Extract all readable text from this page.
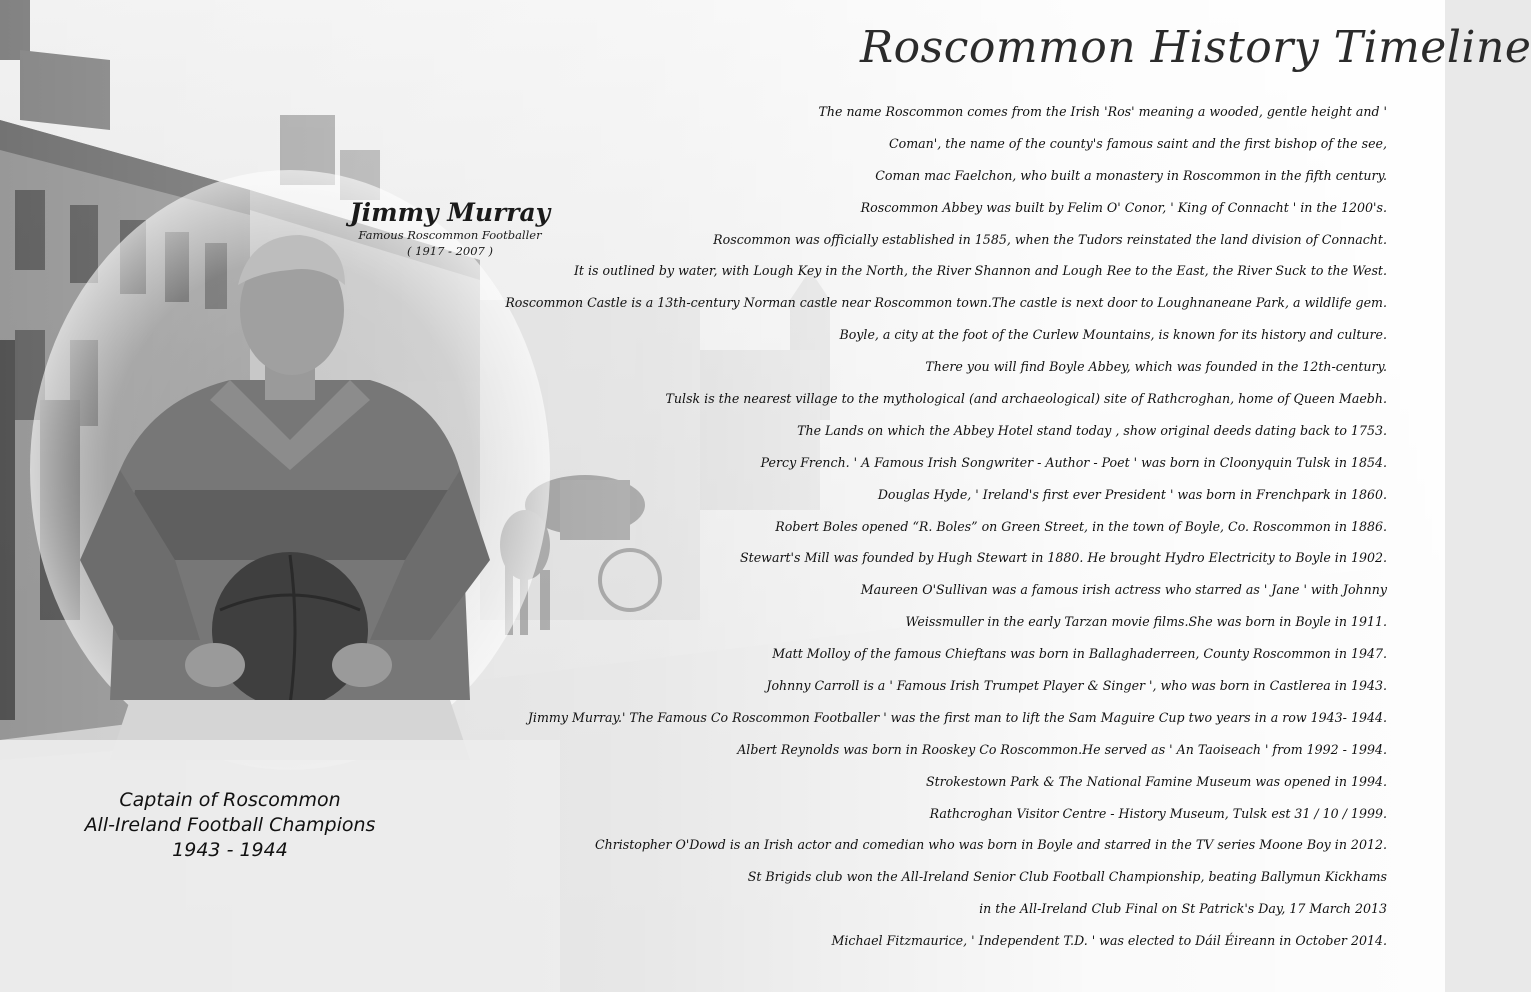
Roscommon History Timeline
Jimmy Murray
Famous Roscommon Footballer
( 1917 - 2007 )
Captain of Roscommon
All-Ireland Football Champions
1943 - 1944
The name Roscommon comes from the Irish 'Ros' meaning a wooded, gentle height and '
Coman', the name of the county's famous saint and the first bishop of the see,
Coman mac Faelchon, who built a monastery in Roscommon in the fifth century.
Roscommon Abbey was built by Felim O' Conor, ' King of Connacht ' in the 1200's.
Roscommon was officially established in 1585, when the Tudors reinstated the land division of Connacht.
It is outlined by water, with Lough Key in the North, the River Shannon and Lough Ree to the East, the River Suck to the West.
Roscommon Castle is a 13th-century Norman castle near Roscommon town.The castle is next door to Loughnaneane Park, a wildlife gem.
Boyle, a city at the foot of the Curlew Mountains, is known for its history and culture.
There you will find Boyle Abbey, which was founded in the 12th-century.
Tulsk is the nearest village to the mythological (and archaeological) site of Rathcroghan, home of Queen Maebh.
The Lands on which the Abbey Hotel stand today , show original deeds dating back to 1753.
Percy French. ' A Famous Irish Songwriter - Author - Poet ' was born in Cloonyquin Tulsk in 1854.
Douglas Hyde, ' Ireland's first ever President ' was born in Frenchpark in 1860.
Robert Boles opened “R. Boles” on Green Street, in the town of Boyle, Co. Roscommon in 1886.
Stewart's Mill was founded by Hugh Stewart in 1880. He brought Hydro Electricity to Boyle in 1902.
Maureen O'Sullivan was a famous irish actress who starred as ' Jane ' with Johnny
Weissmuller in the early Tarzan movie films.She was born in Boyle in 1911.
Matt Molloy of the famous Chieftans was born in Ballaghaderreen, County Roscommon in 1947.
Johnny Carroll is a ' Famous Irish Trumpet Player & Singer ', who was born in Castlerea in 1943.
Jimmy Murray.' The Famous Co Roscommon Footballer ' was the first man to lift the Sam Maguire Cup two years in a row 1943- 1944.
Albert Reynolds was born in Rooskey Co Roscommon.He served as ' An Taoiseach ' from 1992 - 1994.
Strokestown Park & The National Famine Museum was opened in 1994.
Rathcroghan Visitor Centre - History Museum, Tulsk est 31 / 10 / 1999.
Christopher O'Dowd is an Irish actor and comedian who was born in Boyle and starred in the TV series Moone Boy in 2012.
St Brigids club won the All-Ireland Senior Club Football Championship, beating Ballymun Kickhams
in the All-Ireland Club Final on St Patrick's Day, 17 March 2013
Michael Fitzmaurice, ' Independent T.D. ' was elected to Dáil Éireann in October 2014.
